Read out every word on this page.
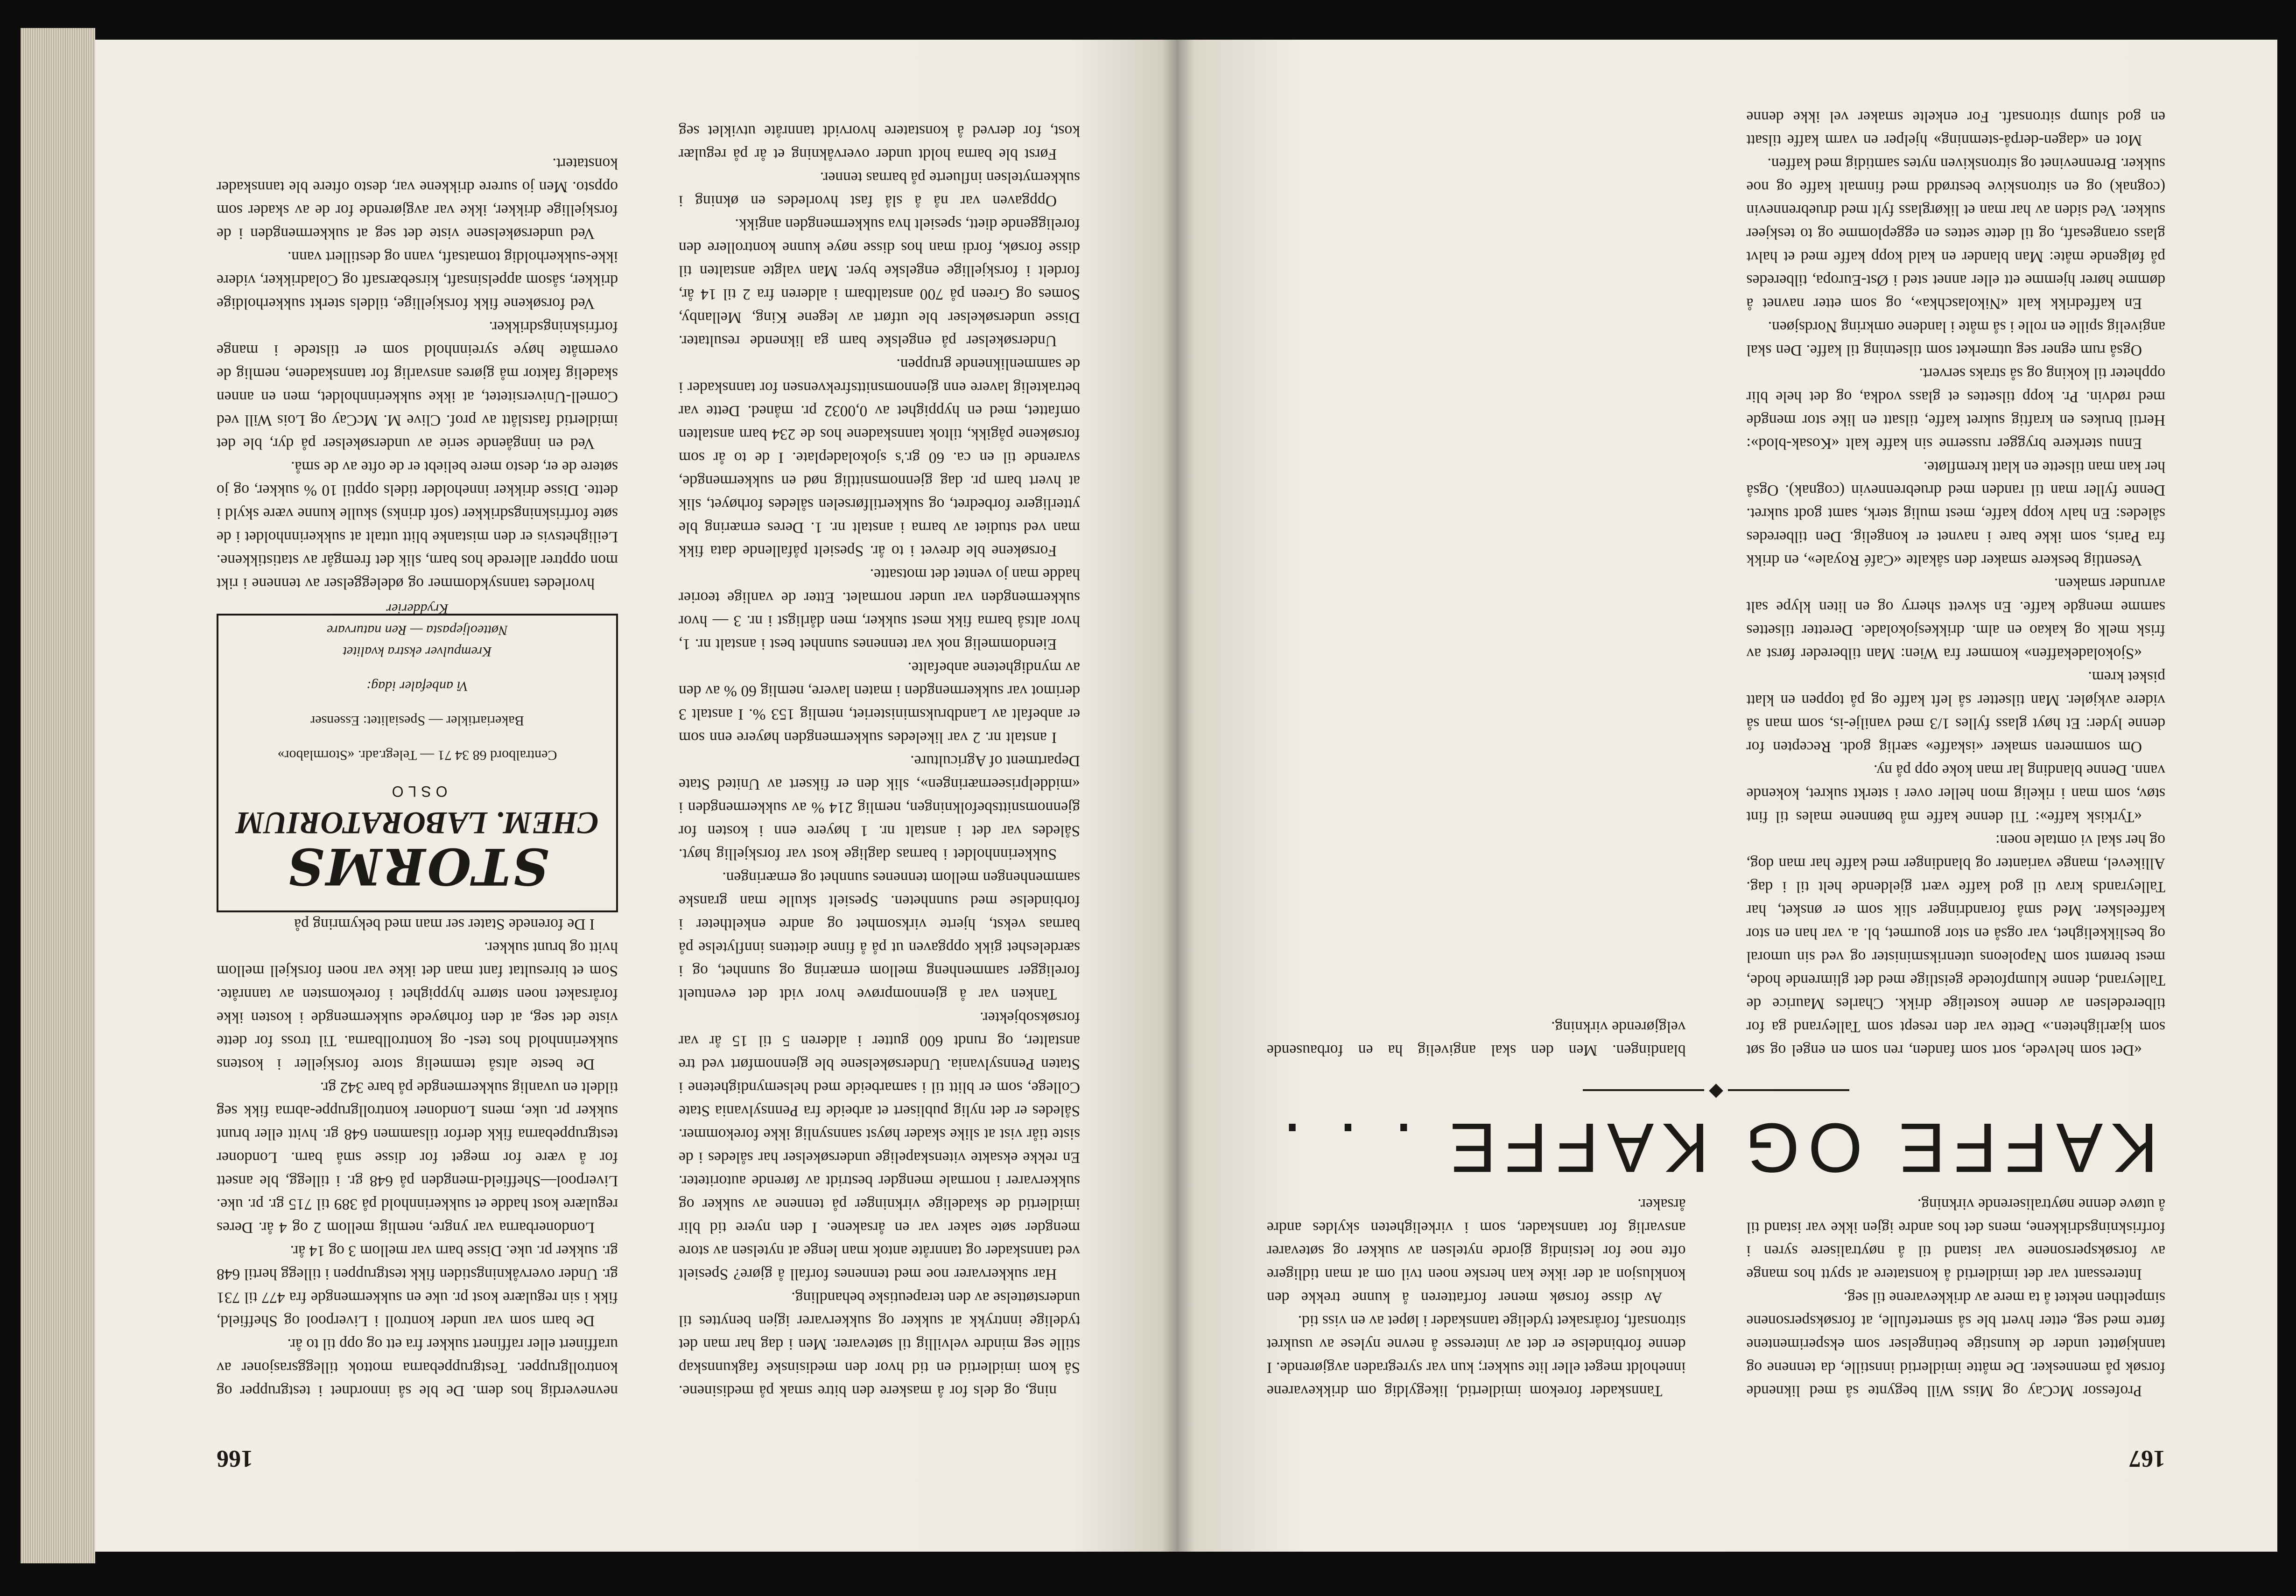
167

Professor McCay og Miss Will begynte så med liknende forsøk på mennesker. De måtte imidlertid innstille, da tennene og tannkjøttet under de kunstige betingelser som eksperimentene førte med seg, etter hvert ble så smertefulle, at forsøkspersonene simpelthen nektet å ta mere av drikkevarene til seg.

Interessant var det imidlertid å konstatere at spytt hos mange av forsøkspersonene var istand til å nøytralisere syren i forfriskningsdrikkene, mens det hos andre igjen ikke var istand til å utøve denne nøytraliserende virkning.

Tannskader forekom imidlertid, likegyldig om drikkevarene inneholdt meget eller lite sukker; kun var syregraden avgjørende. I denne forbindelse er det av interesse å nevne nylese av usukret sitronsaft, forårsaket tydelige tannskader i løpet av en viss tid.

Av disse forsøk mener forfatteren å kunne trekke den konklusjon at der ikke kan herske noen tvil om at man tidligere ofte noe for letsindig gjorde nytelsen av sukker og søtevarer ansvarlig for tannskader, som i virkeligheten skyldes andre årsaker.

KAFFE OG KAFFE . . .
◆

«Det som helvede, sort som fanden, ren som en engel og søt som kjærligheten.» Dette var den resept som Talleyrand ga for tilberedelsen av denne kostelige drikk. Charles Maurice de Talleyrand, denne klumpfotede geistlige med det glimrende hode, mest berømt som Napoleons utenriksminister og ved sin umoral og beslikkelighet, var også en stor gourmet, bl. a. var han en stor kaffeelsker. Med små forandringer slik som er ønsket, har Talleyrands krav til god kaffe vært gjeldende helt til i dag. Allikevel, mange varianter og blandinger med kaffe har man dog, og her skal vi omtale noen:

«Tyrkisk kaffe»: Til denne kaffe må bønnene males til fint støv, som man i rikelig mon heller over i sterkt sukret, kokende vann. Denne blanding lar man koke opp på ny.

Om sommeren smaker «iskaffe» særlig godt. Recepten for denne lyder: Et høyt glass fylles 1/3 med vanilje-is, som man så videre avkjøler. Man tilsetter så left kaffe og på toppen en klatt pisket krem.

«Sjokoladekaffen» kommer fra Wien: Man tilbereder først av frisk melk og kakao en alm. drikkesjokolade. Deretter tilsettes samme mengde kaffe. En skvett sherry og en liten klype salt avrunder smaken.

Vesentlig beskere smaker den såkalte «Café Royale», en drikk fra Paris, som ikke bare i navnet er kongelig. Den tilberedes således: En halv kopp kaffe, mest mulig sterk, samt godt sukret. Denne fyller man til randen med druebrennevin (cognak). Også her kan man tilsette en klatt kremfløte.

Ennu sterkere brygger russerne sin kaffe kalt «Kosak-blod»: Hertil brukes en kraftig sukret kaffe, tilsatt en like stor mengde med rødvin. Pr. kopp tilsettes et glass vodka, og det hele blir oppheter til koking og så straks servert.

Også rum egner seg utmerket som tilsetning til kaffe. Den skal angivelig spille en rolle i så måte i landene omkring Nordsjøen.

En kaffedrikk kalt «Nikolaschka», og som etter navnet å dømme hører hjemme ett eller annet sted i Øst-Europa, tilberedes på følgende måte: Man blander en kald kopp kaffe med et halvt glass orangesaft, og til dette settes en eggeplomme og to teskjeer sukker. Ved siden av har man et likørglass fylt med druebrennevin (cognak) og en sitronskive bestrødd med finmalt kaffe og noe sukker. Brennevinet og sitronskiven nytes samtidig med kaffen.

Mot en «dagen-derpå-stemning» hjelper en varm kaffe tilsatt en god slump sitronsaft. For enkelte smaker vel ikke denne blandingen. Men den skal angivelig ha en forbausende velgjørende virkning.

166

ning, og dels for å maskere den bitre smak på medisinene. Så kom imidlertid en tid hvor den medisinske fagkunnskap stille seg mindre velvillig til søtevarer. Men i dag har man det tydelige inntrykk at sukker og sukkervarer igjen benyttes til understøttelse av den terapeutiske behandling.

Har sukkervarer noe med tennenes forfall å gjøre? Spesielt ved tannskader og tannråte antok man lenge at nytelsen av store mengder søte saker var en årsakene. I den nyere tid blir imidlertid de skadelige virkninger på tennene av sukker og sukkervarer i normale mengder bestridt av førende autoriteter. En rekke eksakte vitenskapelige undersøkelser har således i de siste tiår vist at slike skader høyst sannsynlig ikke forekommer. Således er det nylig publisert et arbeide fra Pennsylvania State College, som er blitt til i samarbeide med helsemyndighetene i Staten Pennsylvania. Undersøkelsene ble gjennomført ved tre anstalter, og rundt 600 gutter i alderen 5 til 15 år var forsøksobjekter.

Tanken var å gjennomprøve hvor vidt det eventuelt foreligger sammenheng mellom ernæring og sunnhet, og i særdeleshet gikk oppgaven ut på å finne diettens innflytelse på barnas vekst, hjerte virksomhet og andre enkeltheter i forbindelse med sunnheten. Spesielt skulle man granske sammenhengen mellom tennenes sunnhet og ernæringen.

Sukkerinnholdet i barnas daglige kost var forskjellig høyt. Således var det i anstalt nr. 1 høyere enn i kosten for gjennomsnittsbefolkningen, nemlig 214 % av sukkermengden i «middelpriseernæringen», slik den er fiksert av United State Department of Agriculture.

I anstalt nr. 2 var likeledes sukkermengden høyere enn som er anbefalt av Landbruksministeriet, nemlig 153 %. I anstalt 3 derimot var sukkermengden i maten lavere, nemlig 60 % av den av myndighetene anbefalte.

Eiendommelig nok var tennenes sunnhet best i anstalt nr. 1, hvor altså barna fikk mest sukker, men dårligst i nr. 3 — hvor sukkermengden var under normalet. Etter de vanlige teorier hadde man jo ventet det motsatte.

Forsøkene ble drevet i to år. Spesielt påfallende data fikk man ved studiet av barna i anstalt nr. 1. Deres ernæring ble ytterligere forbedret, og sukkertilførselen således forhøyet, slik at hvert barn pr. dag gjennomsnittlig nød en sukkermengde, svarende til en ca. 60 gr.'s sjokoladeplate. I de to år som forsøkene pågikk, tiltok tannskadene hos de 234 barn anstalten omfattet, med en hyppighet av 0,0032 pr. måned. Dette var betraktelig lavere enn gjennomsnittsfrekvensen for tannskader i de sammenliknende gruppen.

Undersøkelser på engelske barn ga liknende resultater. Disse undersøkelser ble utført av legene King, Mellanby, Somes og Green på 700 anstaltbarn i alderen fra 2 til 14 år, fordelt i forskjellige engelske byer. Man valgte anstalten til disse forsøk, fordi man hos disse nøye kunne kontrollere den foreliggende diett, spesielt hva sukkermengden angikk.

Oppgaven var nå å slå fast hvorledes en økning i sukkernytelsen influerte på barnas tenner.

Først ble barna holdt under overvåkning et år på regulær kost, for derved å konstatere hvorvidt tannråte utviklet seg nevneverdig hos dem. De ble så innordnet i testgrupper og kontrollgrupper. Testgruppebarna mottok tilleggsrasjoner av uraffinert eller raffinert sukker fra ett og opp til to år.

De barn som var under kontroll i Liverpool og Sheffield, fikk i sin regulære kost pr. uke en sukkermengde fra 477 til 731 gr. Under overvåkningstiden fikk testgruppen i tillegg hertil 648 gr. sukker pr. uke. Disse barn var mellom 3 og 14 år.

Londonerbarna var yngre, nemlig mellom 2 og 4 år. Deres regulære kost hadde et sukkerinnhold på 389 til 715 gr. pr. uke. Liverpool—Sheffield-mengden på 648 gr. i tillegg, ble ansett for å være for meget for disse små barn. Londoner testgruppebarna fikk derfor tilsammen 648 gr. hvitt eller brunt sukker pr. uke, mens Londoner kontrollgruppe-abrna fikk seg tildelt en uvanlig sukkermengde på bare 342 gr.

De beste altså temmelig store forskjeller i kostens sukkerinnhold hos test- og kontrollbarna. Til tross for dette viste det seg, at den forhøyede sukkermengde i kosten ikke forårsaket noen større hyppighet i forekomsten av tannråte. Som et biresultat fant man det ikke var noen forskjell mellom hvitt og brunt sukker.

I De forenede Stater ser man med bekymring på

STORMS
CHEM. LABORATORIUM
OSLO
Centralbord 68 34 71 — Telegr.adr. «Stormlabor»
Bakeriartikler — Spesialitet: Essenser
Vi anbefaler idag:
Krempulver ekstra kvalitet
Nøtteoljepasta — Ren naturvare
Krydderier

hvorledes tannsykdommer og ødeleggelser av tennene i rikt mon opptrer allerede hos barn, slik det fremgår av statistikkene. Leilighetsvis er den mistanke blitt uttalt at sukkerinnholdet i de søte forfriskningsdrikker (soft drinks) skulle kunne være skyld i dette. Disse drikker inneholder tidels opptil 10 % sukker, og jo søtere de er, desto mere beliebt er de ofte av de små.

Ved en inngående serie av undersøkelser på dyr, ble det imidlertid fastslått av prof. Clive M. McCay og Lois Will ved Cornell-Universitetet, at ikke sukkerinnholdet, men en annen skadelig faktor må gjøres ansvarlig for tannskadene, nemlig de overmåte høye syreinnhold som er tilstede i mange forfriskningsdrikker.

Ved forsøkene fikk forskjellige, tildels sterkt sukkerholdige drikker, såsom appelsinsaft, kirsebærsaft og Coladrikker, videre ikke-sukkerholdig tomatsaft, vann og destillert vann.

Ved undersøkelsene viste det seg at sukkermengden i de forskjellige drikker, ikke var avgjørende for de av skader som oppsto. Men jo surere drikkene var, desto oftere ble tannskader konstatert.
